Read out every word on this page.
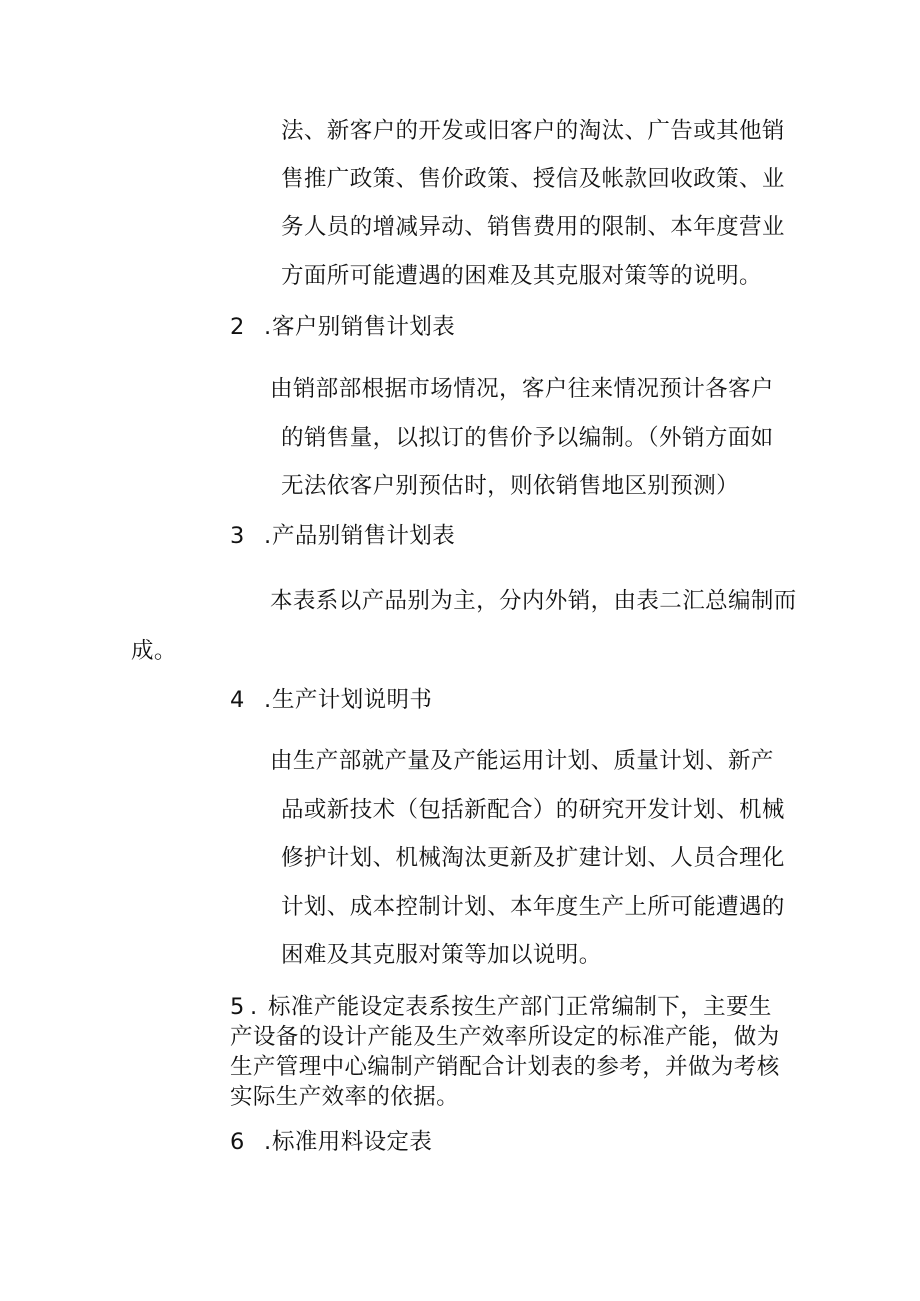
法、新客户的开发或旧客户的淘汰、广告或其他销
售推广政策、售价政策、授信及帐款回收政策、业
务人员的增减异动、销售费用的限制、本年度营业
方面所可能遭遇的困难及其克服对策等的说明。
2 .客户别销售计划表
由销部部根据市场情况，客户往来情况预计各客户
的销售量，以拟订的售价予以编制。（外销方面如
无法依客户别预估时，则依销售地区别预测）
3 .产品别销售计划表
本表系以产品别为主，分内外销，由表二汇总编制而
成。
4 .生产计划说明书
由生产部就产量及产能运用计划、质量计划、新产
品或新技术（包括新配合）的研究开发计划、机械
修护计划、机械淘汰更新及扩建计划、人员合理化
计划、成本控制计划、本年度生产上所可能遭遇的
困难及其克服对策等加以说明。
5 . 标准产能设定表系按生产部门正常编制下，主要生
产设备的设计产能及生产效率所设定的标准产能，做为
生产管理中心编制产销配合计划表的参考，并做为考核
实际生产效率的依据。
6 .标准用料设定表
